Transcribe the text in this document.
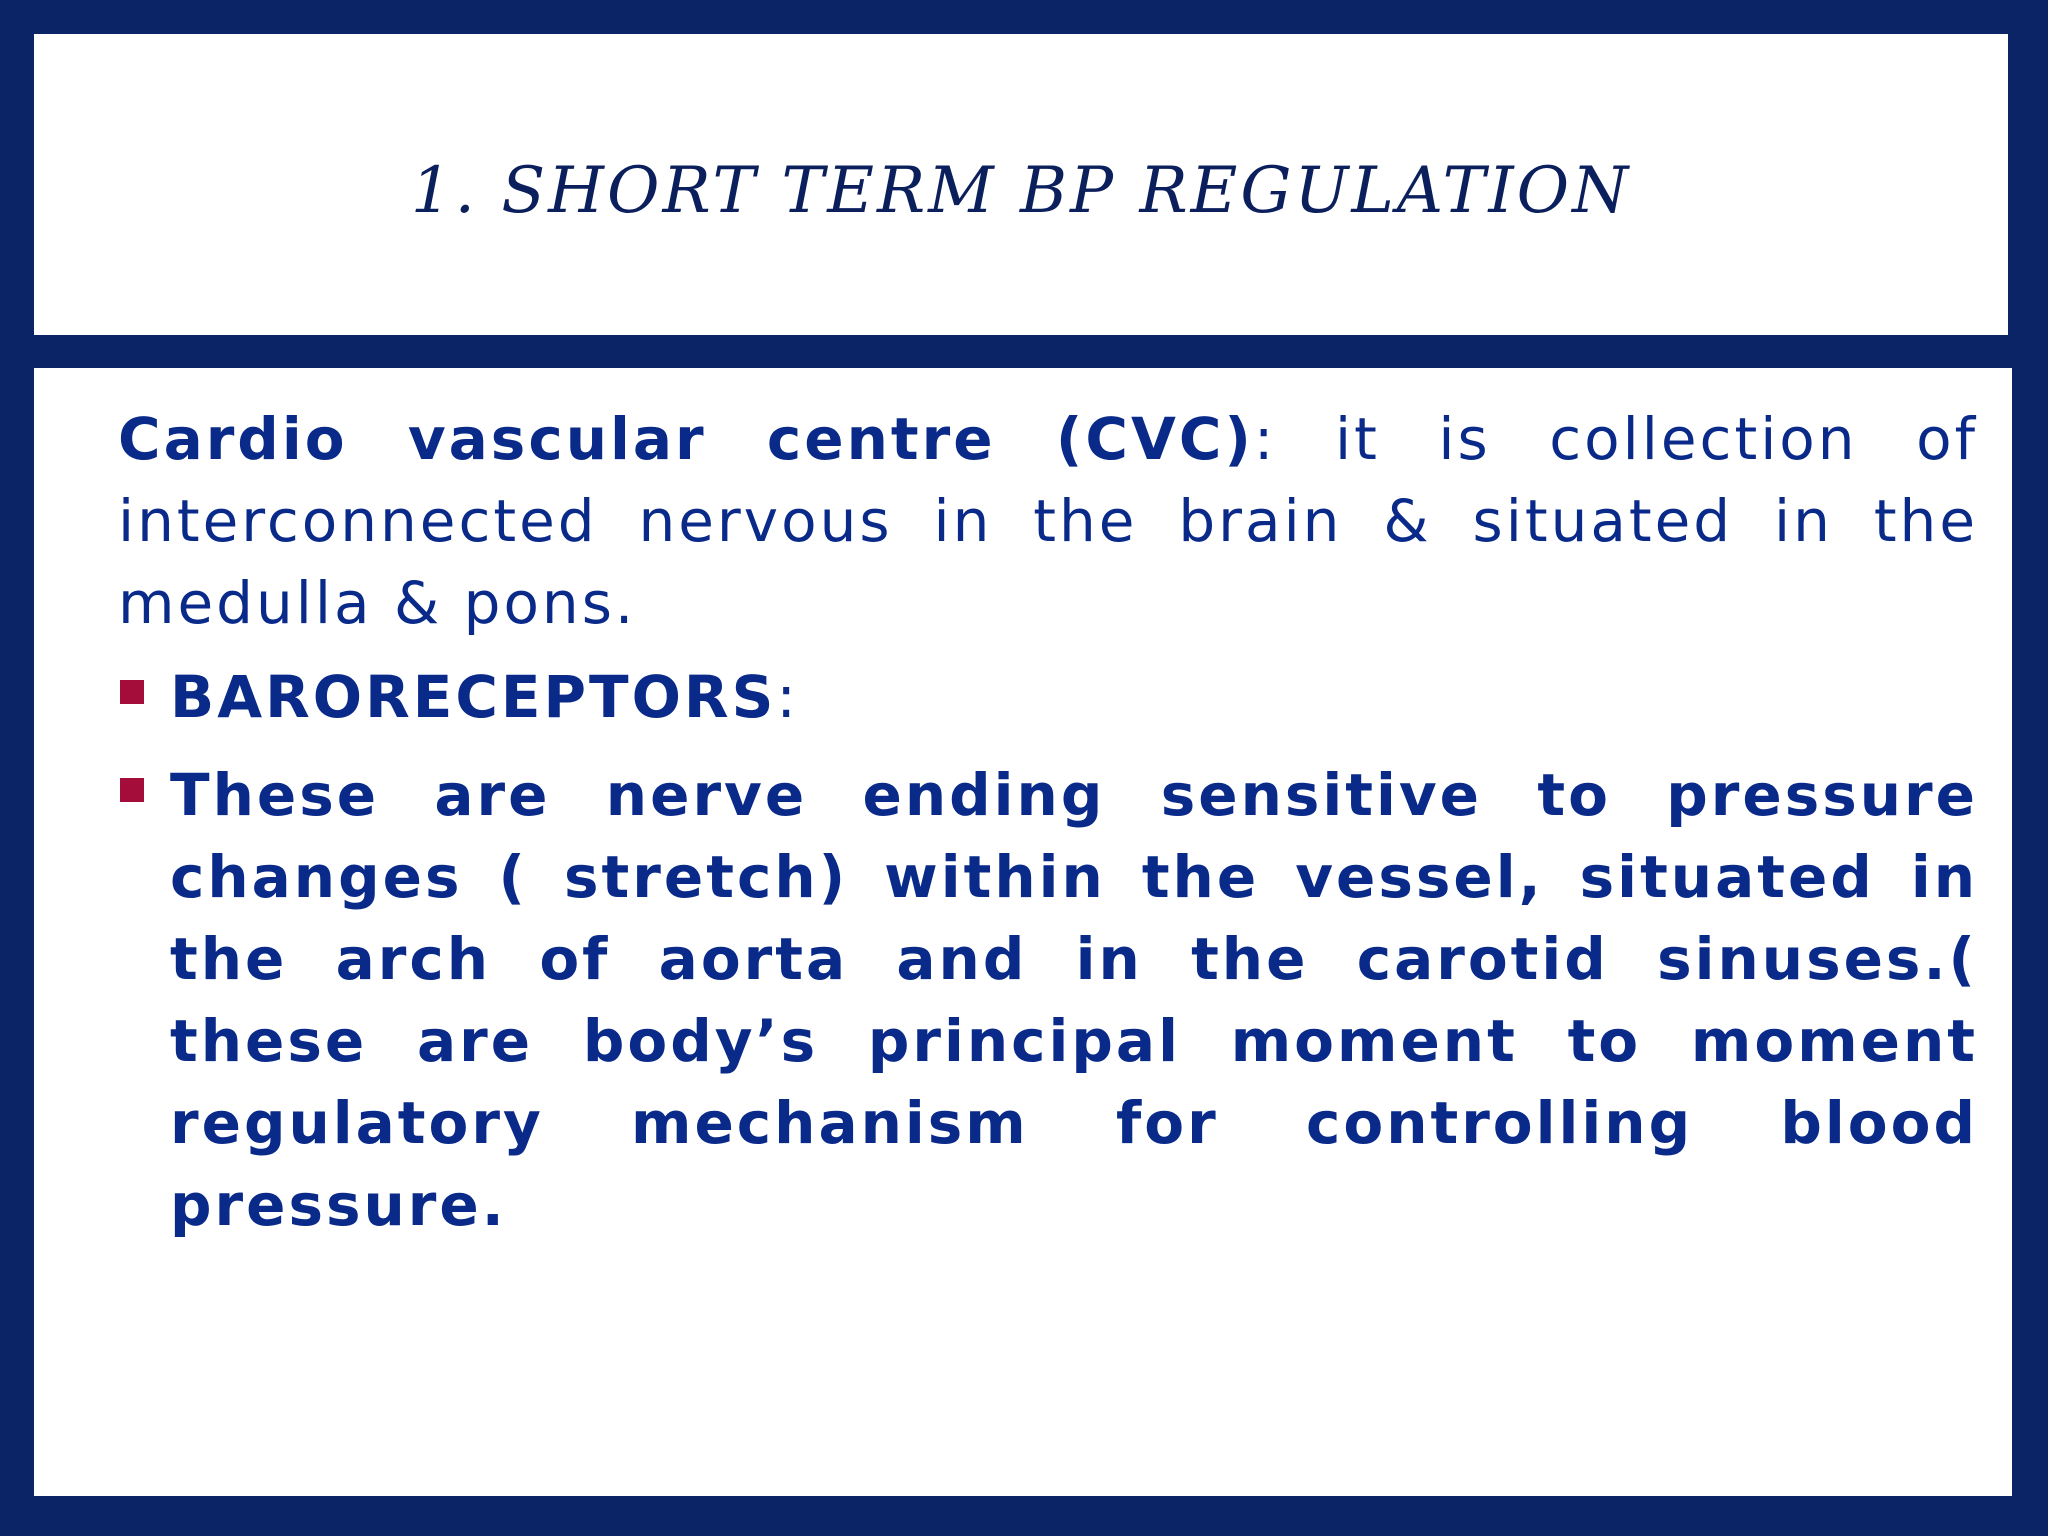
1. SHORT TERM BP REGULATION

Cardio vascular centre (CVC): it is collection of interconnected nervous in the brain & situated in the medulla & pons.

BARORECEPTORS:

These are nerve ending sensitive to pressure changes ( stretch) within the vessel, situated in the arch of aorta and in the carotid sinuses.( these are body’s principal moment to moment regulatory mechanism for controlling blood pressure.
